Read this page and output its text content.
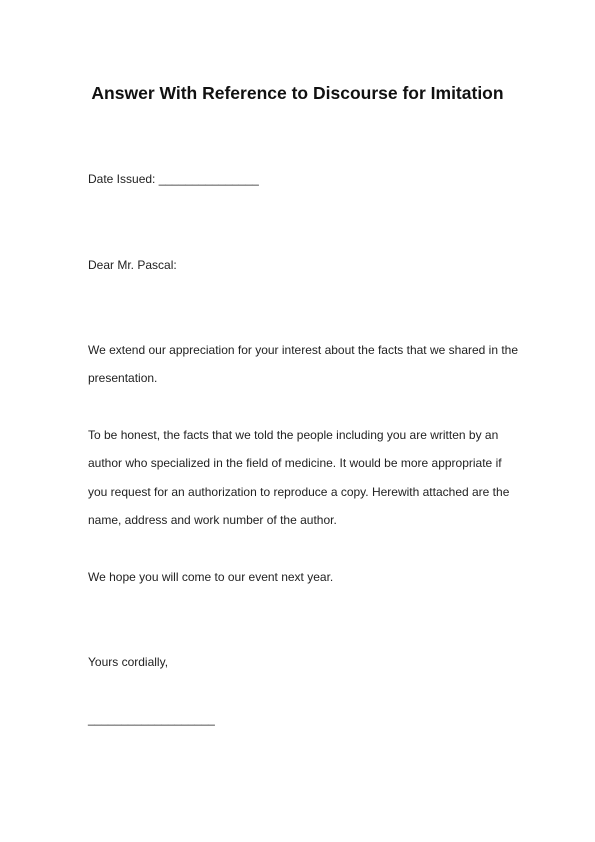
Answer With Reference to Discourse for Imitation

Date Issued: _______________

Dear Mr. Pascal:

We extend our appreciation for your interest about the facts that we shared in the

presentation.

To be honest, the facts that we told the people including you are written by an

author who specialized in the field of medicine. It would be more appropriate if

you request for an authorization to reproduce a copy. Herewith attached are the

name, address and work number of the author.

We hope you will come to our event next year.

Yours cordially,

___________________
